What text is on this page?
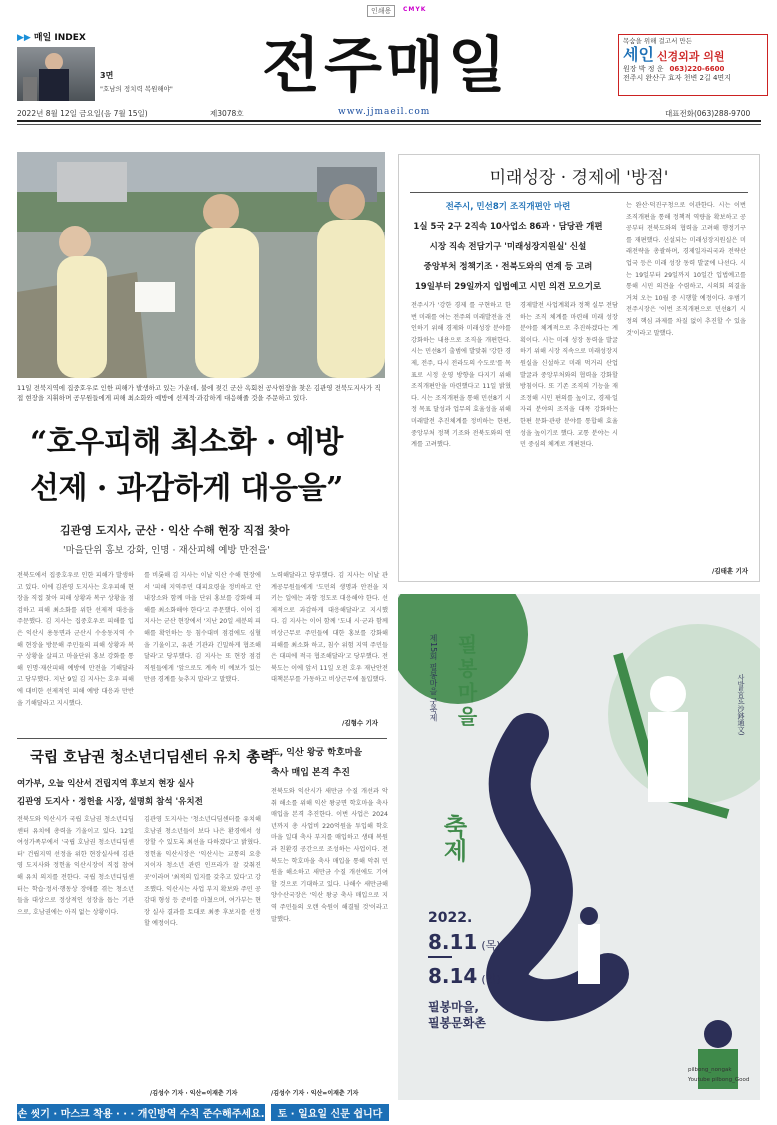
인쇄용	CMYK
▶▶ 매일 INDEX
3면
"호남의 정치력 복원해야" 전주매일	목숨을 위해 걸고서 만든
세인 신경외과 의원
원장 박 정 운 063)220-6600
전주시 완산구 효자 천변 2길 4면지
2022년 8월 12일 금요일(음 7월 15일)	제3078호	www.jjmaeil.com	대표전화(063)288-9700
11일 전북지역에 집중호우로 인한 피해가 발생하고 있는 가운데, 불에 젖긴 군산 옥회천 공사현장을 찾은 김관영 전북도지사가 직접 현장을 지휘하며 공무원들에게 피해 최소화와 예방에 선제적·과감하게 대응해줄 것을 주문하고 있다.
“호우피해 최소화 · 예방
선제 · 과감하게 대응을”
김관영 도지사, 군산 · 익산 수해 현장 직접 찾아
'마을단위 홍보 강화, 인명 · 재산피해 예방 만전을'
전북도에서 집중호우로 인한 피해가 발생하고 있다. 이에 김관영 도지사는 호우피해 현장을 직접 찾아 피해 상황과 복구 상황을 점검하고 피해 최소화를 위한 선제적 대응을 주문했다. 김 지사는 집중호우로 피해를 입은 익산시 용동면과 군산시 수송동지역 수해 현장을 방문해 주민들의 피해 상황과 복구 상황을 살피고 마을단위 홍보 강화를 통해 인명·재산피해 예방에 만전을 기해달라고 당부했다. 지난 9일 김 지사는 호우 피해에 대비한 선제적인 피해 예방 대응과 만반을 기해달라고 지시했다.
를 비롯해 김 지사는 이날 익산 수해 현장에서 '피해 지역주민 대피요령을 정비하고 안내장소와 함께 마을 단위 홍보를 강화해 피해를 최소화해야 한다'고 주문했다. 이어 김 지사는 군산 현장에서 '지난 20일 세분의 피해를 확인하는 등 침수대비 점검에도 심혈을 기울이고, 유관 기관과 긴밀하게 협조해 달라'고 당부했다. 김 지사는 또 현장 점검 직원들에게 '앞으로도 계속 비 예보가 있는 만큼 경계를 늦추지 말라'고 말했다.
노력해달라고 당부했다. 김 지사는 이날 관계공무원들에게 '도민의 생명과 안전을 지키는 일에는 과함 정도로 대응해야 한다. 선제적으로 과감하게 대응해달라'고 지시했다. 김 지사는 이어 함께 '도내 시·군과 함께 비상근무로 주민들에 대한 홍보를 강화해 피해를 최소화 하고, 침수 위험 지역 주민들은 대피에 적극 협조해달라'고 당부했다. 전북도는 이에 앞서 11일 오전 호우 재난안전대책본부를 가동하고 비상근무에 돌입했다.
/김형수 기자
미래성장 · 경제에 '방점'
전주시, 민선8기 조직개편안 마련
1실 5국 2구 2직속 10사업소 86과 · 담당관 개편
시장 직속 전담기구 '미래성장지원실' 신설
중앙부처 정책기조 · 전북도와의 연계 등 고려
19일부터 29일까지 입법예고 시민 의견 모으기로
전주시가 '강한 경제 를 구현하고 한번 미래를 여는 전주의 미래발전을 견인하기 위해 경제와 미래성장 분야를 강화하는 내용으로 조직을 개편한다. 시는 민선8기 출범에 발맞춰 '강한 경제, 전주, 다시 전라도의 수도로'를 목표로 시정 운영 방향을 다지기 위해 조직개편안을 마련했다고 11일 밝혔다. 시는 조직개편을 통해 민선8기 시정 목표 달성과 업무의 효율성을 위해 미래발전 추진체계를 정비하는 한편, 중앙부처 정책 기조와 전북도와의 연계를 고려했다.
경제발전 사업계획과 정책 실무 전담하는 조직 체계를 마련해 미래 성장 분야를 체계적으로 추진하겠다는 계획이다. 시는 미래 성장 동력을 발굴하기 위해 시장 직속으로 미래성장지원실을 신설하고 미래 먹거리 산업 발굴과 중앙부처와의 협력을 강화할 방침이다. 또 기존 조직의 기능을 재조정해 시민 편의를 높이고, 경제·일자리 분야의 조직을 대폭 강화하는 한편 문화·관광 분야를 통합해 효율성을 높이기로 했다. 교통 분야는 시민 중심의 체계로 개편된다.
는 완산·덕진구청으로 이관한다. 시는 이번 조직개편을 통해 정책적 역량을 확보하고 공공부터 전북도와의 협력을 고려해 행정기구를 재편했다. 신설되는 미래성장지원실은 미래전략을 총괄하며, 경제일자리국과 전략산업국 등은 미래 성장 동력 발굴에 나선다. 시는 19일부터 29일까지 10일간 입법예고를 통해 시민 의견을 수렴하고, 시의회 의결을 거쳐 오는 10월 중 시행할 예정이다. 우범기 전주시장은 '이번 조직개편으로 민선8기 시정의 핵심 과제를 차질 없이 추진할 수 있을 것'이라고 말했다.
/김태훈 기자
국립 호남권 청소년디딤센터 유치 총력
여가부, 오늘 익산서 건립지역 후보지 현장 실사
김관영 도지사 · 정헌율 시장, 설명회 참석 '유치전
전북도와 익산시가 국립 호남권 청소년디딤센터 유치에 총력을 기울이고 있다. 12일 여성가족부에서 '국립 호남권 청소년디딤센터' 건립지역 선정을 위한 현장실사에 김관영 도지사와 정헌율 익산시장이 직접 참여해 유치 의지를 전한다. 국립 청소년디딤센터는 학습·정서·행동상 장애를 겪는 청소년들을 대상으로 정상적인 성장을 돕는 기관으로, 호남권에는 아직 없는 상황이다.
김관영 도지사는 '청소년디딤센터를 유치해 호남권 청소년들이 보다 나은 환경에서 성장할 수 있도록 최선을 다하겠다'고 밝혔다. 정헌율 익산시장은 '익산시는 교통의 요충지이자 청소년 관련 인프라가 잘 갖춰진 곳'이라며 '최적의 입지를 갖추고 있다'고 강조했다. 익산시는 사업 부지 확보와 주민 공감대 형성 등 준비를 마쳤으며, 여가부는 현장 실사 결과를 토대로 최종 후보지를 선정할 예정이다.
/김성수 기자 · 익산=이재춘 기자
도, 익산 왕궁 학호마을
축사 매입 본격 추진
전북도와 익산시가 새만금 수질 개선과 악취 해소를 위해 익산 왕궁면 학호마을 축사 매입을 본격 추진한다. 이번 사업은 2024년까지 총 사업비 220억원을 투입해 학호마을 일대 축사 부지를 매입하고 생태 복원과 친환경 공간으로 조성하는 사업이다. 전북도는 학호마을 축사 매입을 통해 악취 민원을 해소하고 새만금 수질 개선에도 기여할 것으로 기대하고 있다. 나해수 새만금해양수산국장은 '익산 왕궁 축사 매입으로 지역 주민들의 오랜 숙원이 해결될 것'이라고 말했다.
/김성수 기자 · 익산=이재춘 기자
필봉마을
제15회 필봉마을 굿축제	사발통문(沙鉢通文)
축제
2022.
8.11 (목)
8.14 (일)
필봉마을,
필봉문화촌
pilbong_nongak
Youtube pilbong_Good
손 씻기 · 마스크 착용 · · · 개인방역 수칙 준수해주세요.	토 · 일요일 신문 쉽니다
